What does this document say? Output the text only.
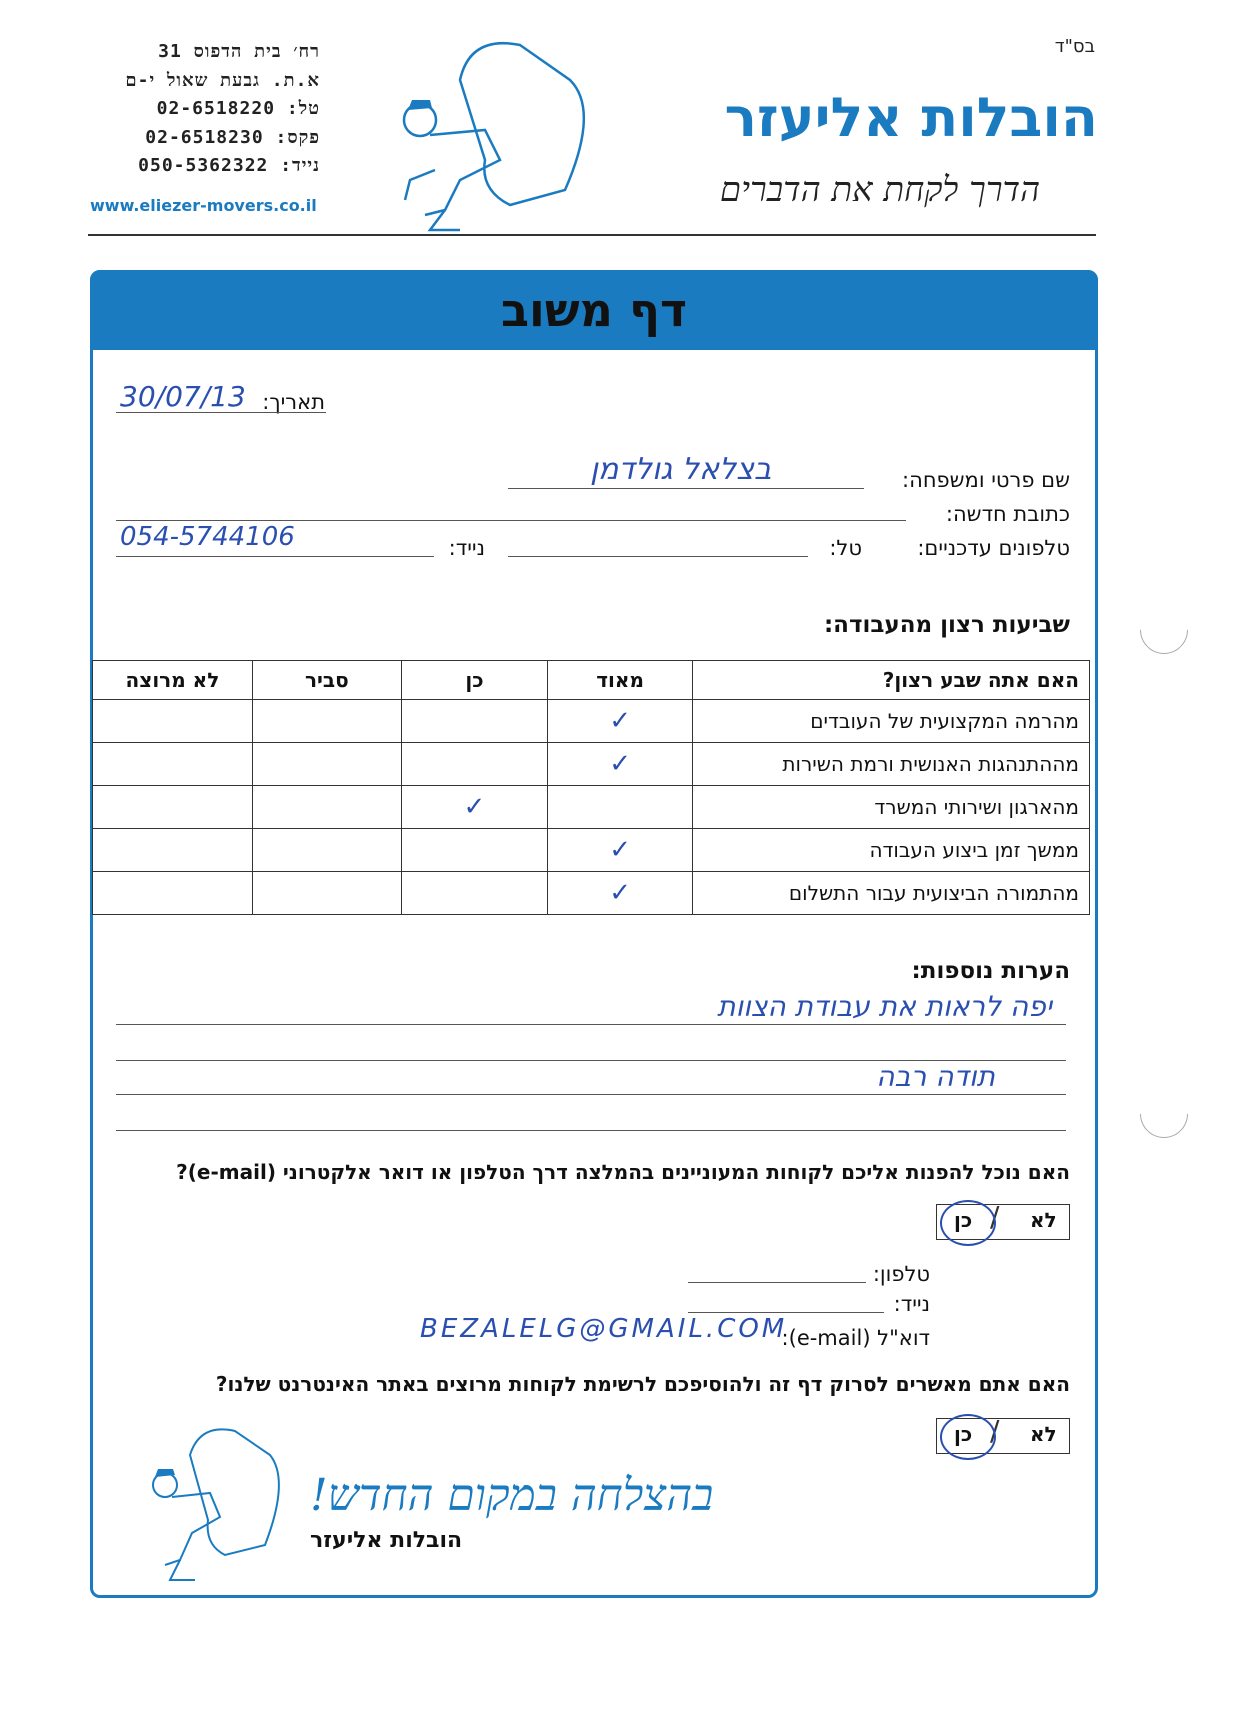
בס"ד
רח׳ בית הדפוס 31
א.ת. גבעת שאול י-ם
טל: 02-6518220
פקס: 02-6518230
נייד: 050-5362322
www.eliezer-movers.co.il
הובלות אליעזר
הדרך לקחת את הדברים
דף משוב
תאריך:
30/07/13
שם פרטי ומשפחה:
בצלאל גולדמן
כתובת חדשה:
טלפונים עדכניים:
טל:
נייד:
054-5744106
שביעות רצון מהעבודה:
האם אתה שבע רצון?	מאוד	כן	סביר	לא מרוצה
מהרמה המקצועית של העובדים	✓			
מההתנהגות האנושית ורמת השירות	✓			
מהארגון ושירותי המשרד		✓		
ממשך זמן ביצוע העבודה	✓			
מהתמורה הביצועית עבור התשלום	✓			
הערות נוספות:
יפה לראות את עבודת הצוות
תודה רבה
האם נוכל להפנות אליכם לקוחות המעוניינים בהמלצה דרך הטלפון או דואר אלקטרוני (e-mail)?
לא
/
כן
טלפון:
נייד:
דוא"ל (e-mail):
BEZALELG@GMAIL.COM
האם אתם מאשרים לסרוק דף זה ולהוסיפכם לרשימת לקוחות מרוצים באתר האינטרנט שלנו?
לא
/
כן
בהצלחה במקום החדש!
הובלות אליעזר
